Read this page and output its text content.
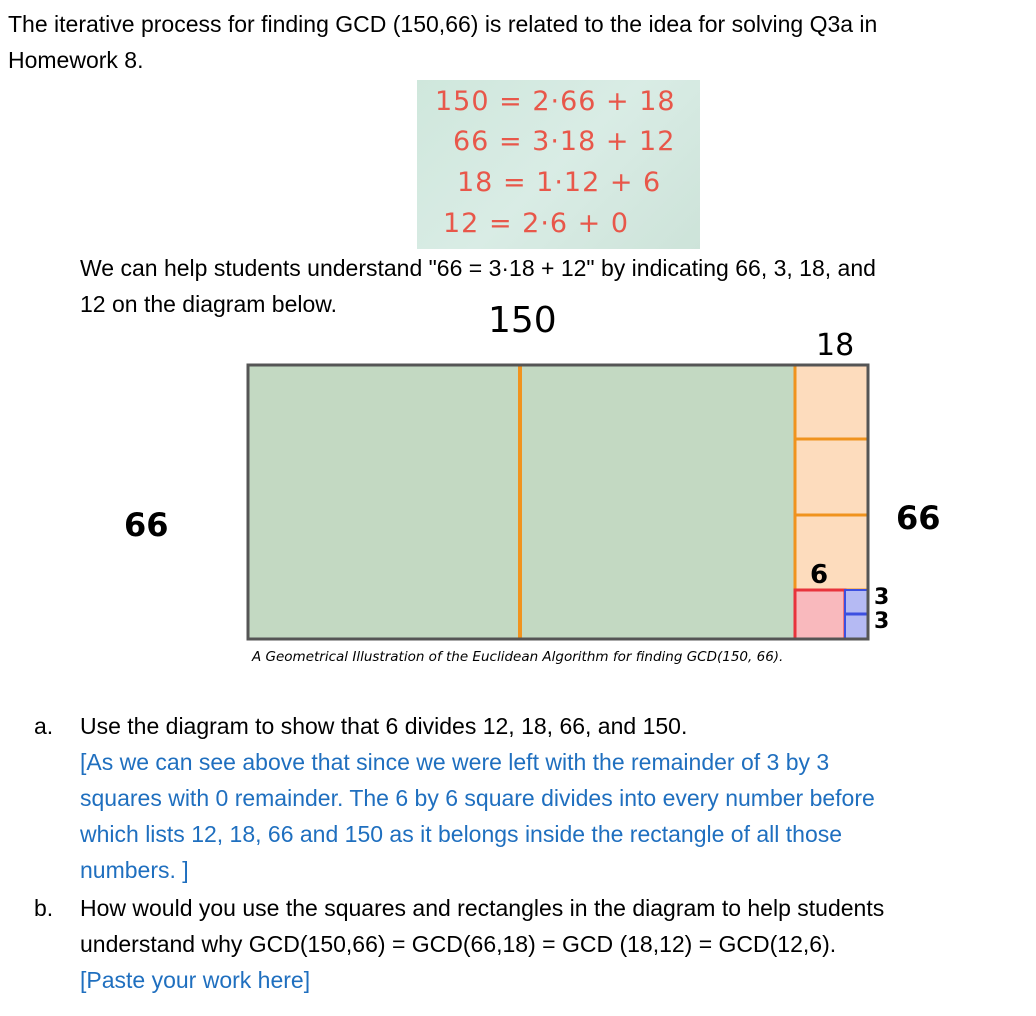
The iterative process for finding GCD (150,66) is related to the idea for solving Q3a in
Homework 8.
150 = 2·66 + 18
66 = 3·18 + 12
18 = 1·12 + 6
12 = 2·6 + 0
We can help students understand "66 = 3·18 + 12" by indicating 66, 3, 18, and
12 on the diagram below.	150
18
66	66
6
3
3
A Geometrical Illustration of the Euclidean Algorithm for finding GCD(150, 66).
a. Use the diagram to show that 6 divides 12, 18, 66, and 150.
[As we can see above that since we were left with the remainder of 3 by 3
squares with 0 remainder. The 6 by 6 square divides into every number before
which lists 12, 18, 66 and 150 as it belongs inside the rectangle of all those
numbers. ]
b. How would you use the squares and rectangles in the diagram to help students
understand why GCD(150,66) = GCD(66,18) = GCD (18,12) = GCD(12,6).
[Paste your work here]
